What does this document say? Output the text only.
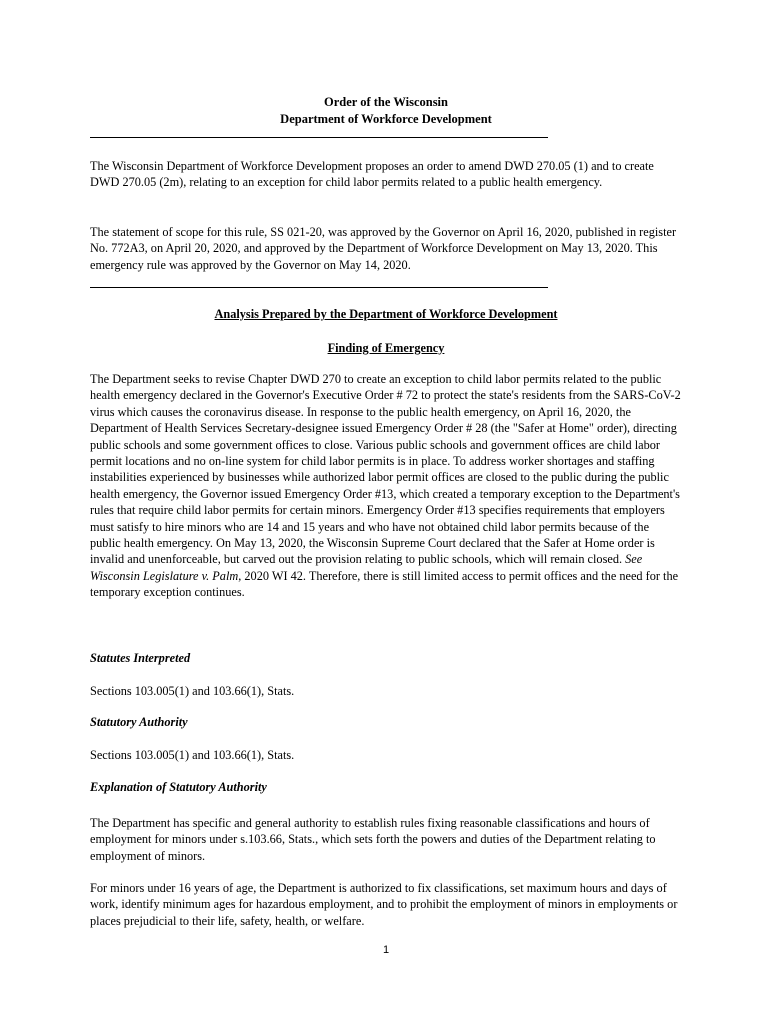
Order of the Wisconsin
Department of Workforce Development

The Wisconsin Department of Workforce Development proposes an order to amend DWD 270.05 (1) and to create DWD 270.05 (2m), relating to an exception for child labor permits related to a public health emergency.

The statement of scope for this rule, SS 021-20, was approved by the Governor on April 16, 2020, published in register No. 772A3, on April 20, 2020, and approved by the Department of Workforce Development on May 13, 2020. This emergency rule was approved by the Governor on May 14, 2020.

Analysis Prepared by the Department of Workforce Development

Finding of Emergency

The Department seeks to revise Chapter DWD 270 to create an exception to child labor permits related to the public health emergency declared in the Governor's Executive Order # 72 to protect the state's residents from the SARS-CoV-2 virus which causes the coronavirus disease. In response to the public health emergency, on April 16, 2020, the Department of Health Services Secretary-designee issued Emergency Order # 28 (the "Safer at Home" order), directing public schools and some government offices to close. Various public schools and government offices are child labor permit locations and no on-line system for child labor permits is in place. To address worker shortages and staffing instabilities experienced by businesses while authorized labor permit offices are closed to the public during the public health emergency, the Governor issued Emergency Order #13, which created a temporary exception to the Department's rules that require child labor permits for certain minors. Emergency Order #13 specifies requirements that employers must satisfy to hire minors who are 14 and 15 years and who have not obtained child labor permits because of the public health emergency. On May 13, 2020, the Wisconsin Supreme Court declared that the Safer at Home order is invalid and unenforceable, but carved out the provision relating to public schools, which will remain closed. See Wisconsin Legislature v. Palm, 2020 WI 42. Therefore, there is still limited access to permit offices and the need for the temporary exception continues.

Statutes Interpreted

Sections 103.005(1) and 103.66(1), Stats.

Statutory Authority

Sections 103.005(1) and 103.66(1), Stats.

Explanation of Statutory Authority

The Department has specific and general authority to establish rules fixing reasonable classifications and hours of employment for minors under s.103.66, Stats., which sets forth the powers and duties of the Department relating to employment of minors.

For minors under 16 years of age, the Department is authorized to fix classifications, set maximum hours and days of work, identify minimum ages for hazardous employment, and to prohibit the employment of minors in employments or places prejudicial to their life, safety, health, or welfare.

1
